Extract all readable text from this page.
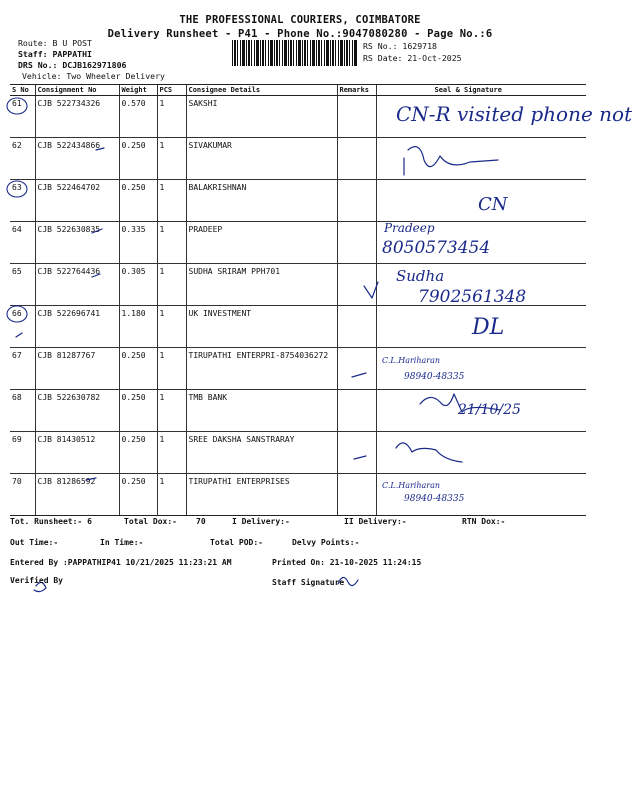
THE PROFESSIONAL COURIERS, COIMBATORE
Delivery Runsheet - P41 - Phone No.:9047080280 - Page No.:6
Route: B U POST
Staff: PAPPATHI
DRS No.: DCJB162971806
Vehicle: Two Wheeler Delivery
RS No.: 1629718
RS Date: 21-Oct-2025
S No	Consignment No	Weight	PCS	Consignee Details	Remarks	Seal & Signature
61	CJB 522734326	0.570	1	SAKSHI		
62	CJB 522434866	0.250	1	SIVAKUMAR		
63	CJB 522464702	0.250	1	BALAKRISHNAN		
64	CJB 522630835	0.335	1	PRADEEP		
65	CJB 522764436	0.305	1	SUDHA SRIRAM PPH701		
66	CJB 522696741	1.180	1	UK INVESTMENT		
67	CJB 81287767	0.250	1	TIRUPATHI ENTERPRI-8754036272		
68	CJB 522630782	0.250	1	TMB BANK		
69	CJB 81430512	0.250	1	SREE DAKSHA SANSTRARAY		
70	CJB 81286592	0.250	1	TIRUPATHI ENTERPRISES		
CN-R visited phone not
CN
Pradeep
8050573454
Sudha
7902561348
DL
C.L.Hariharan
98940-48335
21/10/25
C.L.Hariharan
98940-48335
Tot. Runsheet:- 6	Total Dox:- 70	I Delivery:-	II Delivery:-	RTN Dox:-
Out Time:-	In Time:-	Total POD:-	Delvy Points:-
Entered By :PAPPATHIP41 10/21/2025 11:23:21 AM	Printed On: 21-10-2025 11:24:15
Verified By	Staff Signature
